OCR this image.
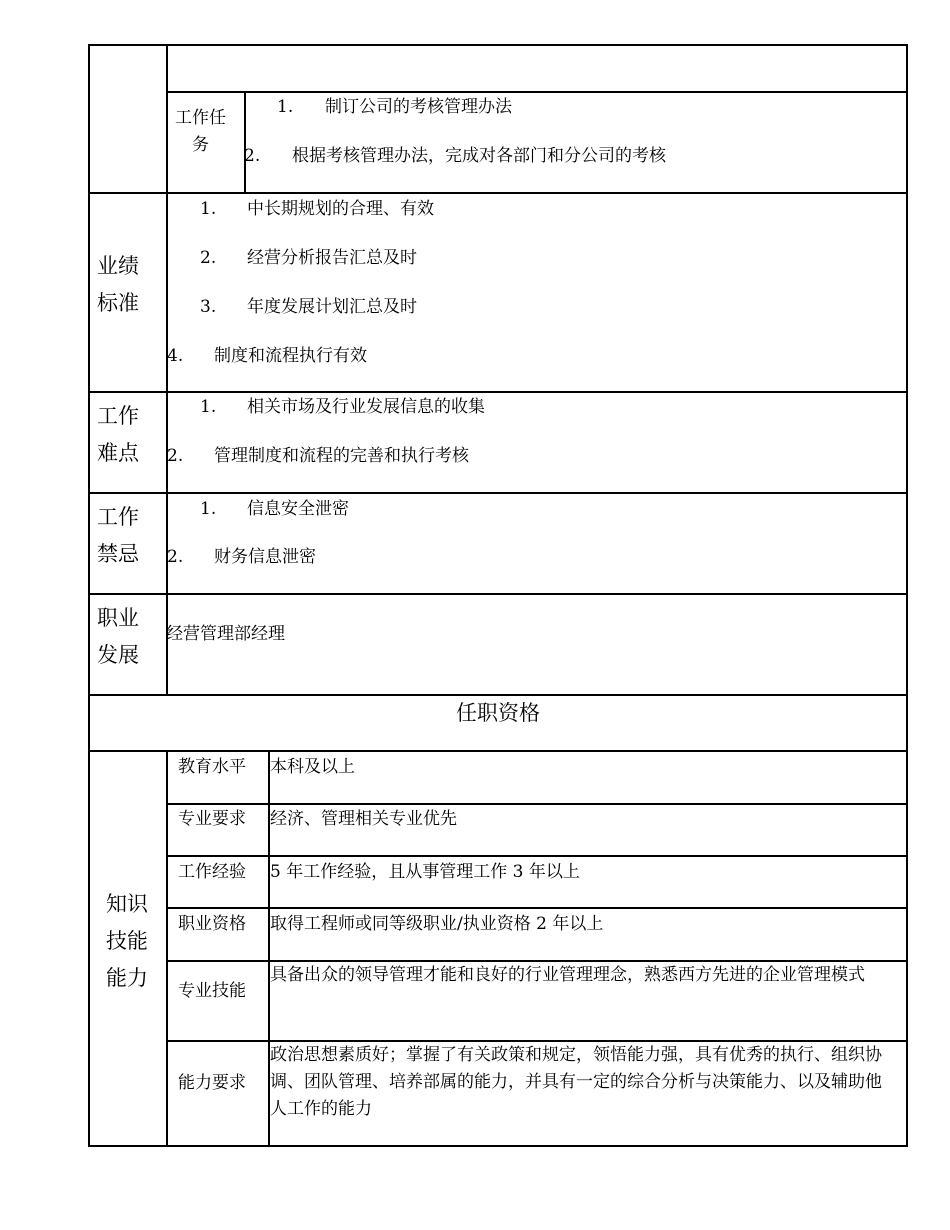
工作任
务
1. 制订公司的考核管理办法
2. 根据考核管理办法，完成对各部门和分公司的考核
业绩
标准
1. 中长期规划的合理、有效
2. 经营分析报告汇总及时
3. 年度发展计划汇总及时
4. 制度和流程执行有效
工作
难点
1. 相关市场及行业发展信息的收集
2. 管理制度和流程的完善和执行考核
工作
禁忌
1. 信息安全泄密
2. 财务信息泄密
职业
发展
经营管理部经理
任职资格
知识
技能
能力
教育水平 本科及以上
专业要求 经济、管理相关专业优先
工作经验 5 年工作经验，且从事管理工作 3 年以上
职业资格 取得工程师或同等级职业/执业资格 2 年以上
专业技能
具备出众的领导管理才能和良好的行业管理理念，熟悉西方先进的企业管理模式
能力要求
政治思想素质好；掌握了有关政策和规定，领悟能力强，具有优秀的执行、组织协调、团队管理、培养部属的能力，并具有一定的综合分析与决策能力、以及辅助他人工作的能力
